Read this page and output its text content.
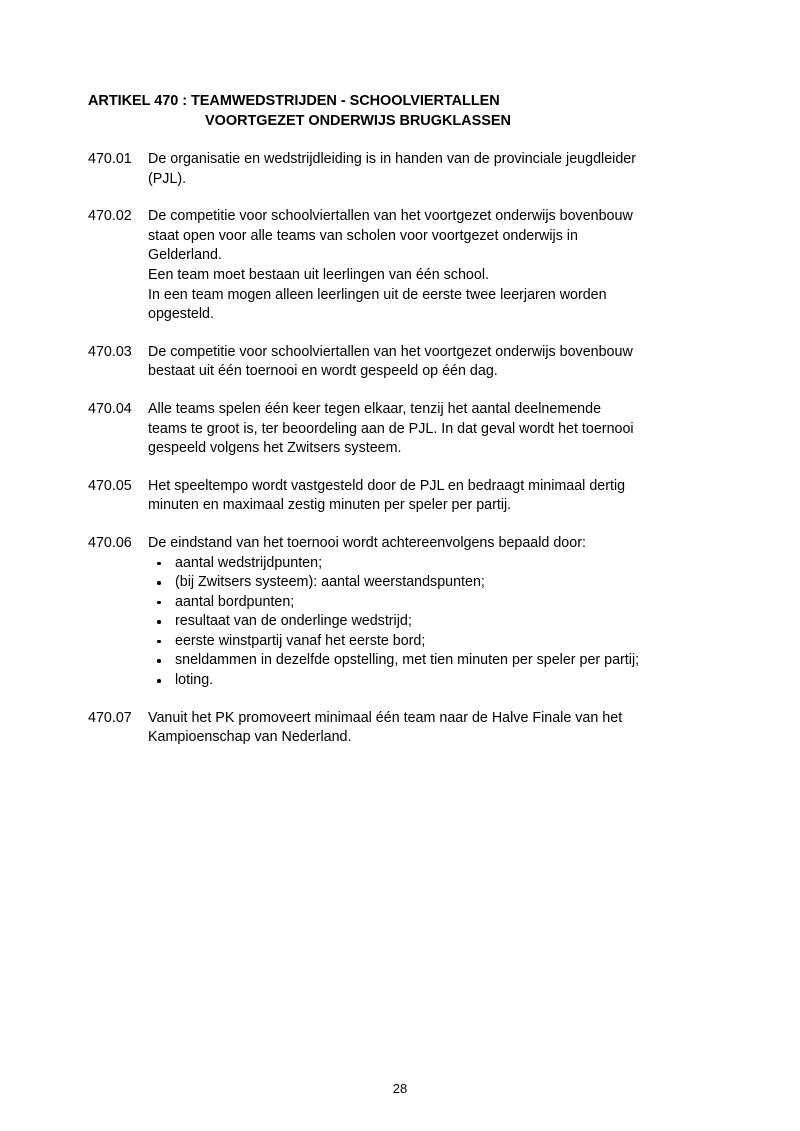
ARTIKEL 470 : TEAMWEDSTRIJDEN - SCHOOLVIERTALLEN
VOORTGEZET ONDERWIJS BRUGKLASSEN
470.01	De organisatie en wedstrijdleiding is in handen van de provinciale jeugdleider

(PJL).

470.02	De competitie voor schoolviertallen van het voortgezet onderwijs bovenbouw

staat open voor alle teams van scholen voor voortgezet onderwijs in

Gelderland.

Een team moet bestaan uit leerlingen van één school.

In een team mogen alleen leerlingen uit de eerste twee leerjaren worden

opgesteld.

470.03	De competitie voor schoolviertallen van het voortgezet onderwijs bovenbouw

bestaat uit één toernooi en wordt gespeeld op één dag.

470.04	Alle teams spelen één keer tegen elkaar, tenzij het aantal deelnemende

teams te groot is, ter beoordeling aan de PJL. In dat geval wordt het toernooi

gespeeld volgens het Zwitsers systeem.

470.05	Het speeltempo wordt vastgesteld door de PJL en bedraagt minimaal dertig

minuten en maximaal zestig minuten per speler per partij.

470.06	De eindstand van het toernooi wordt achtereenvolgens bepaald door:

aantal wedstrijdpunten;
(bij Zwitsers systeem): aantal weerstandspunten;
aantal bordpunten;
resultaat van de onderlinge wedstrijd;
eerste winstpartij vanaf het eerste bord;
sneldammen in dezelfde opstelling, met tien minuten per speler per partij;
loting.
470.07	Vanuit het PK promoveert minimaal één team naar de Halve Finale van het

Kampioenschap van Nederland.

28
